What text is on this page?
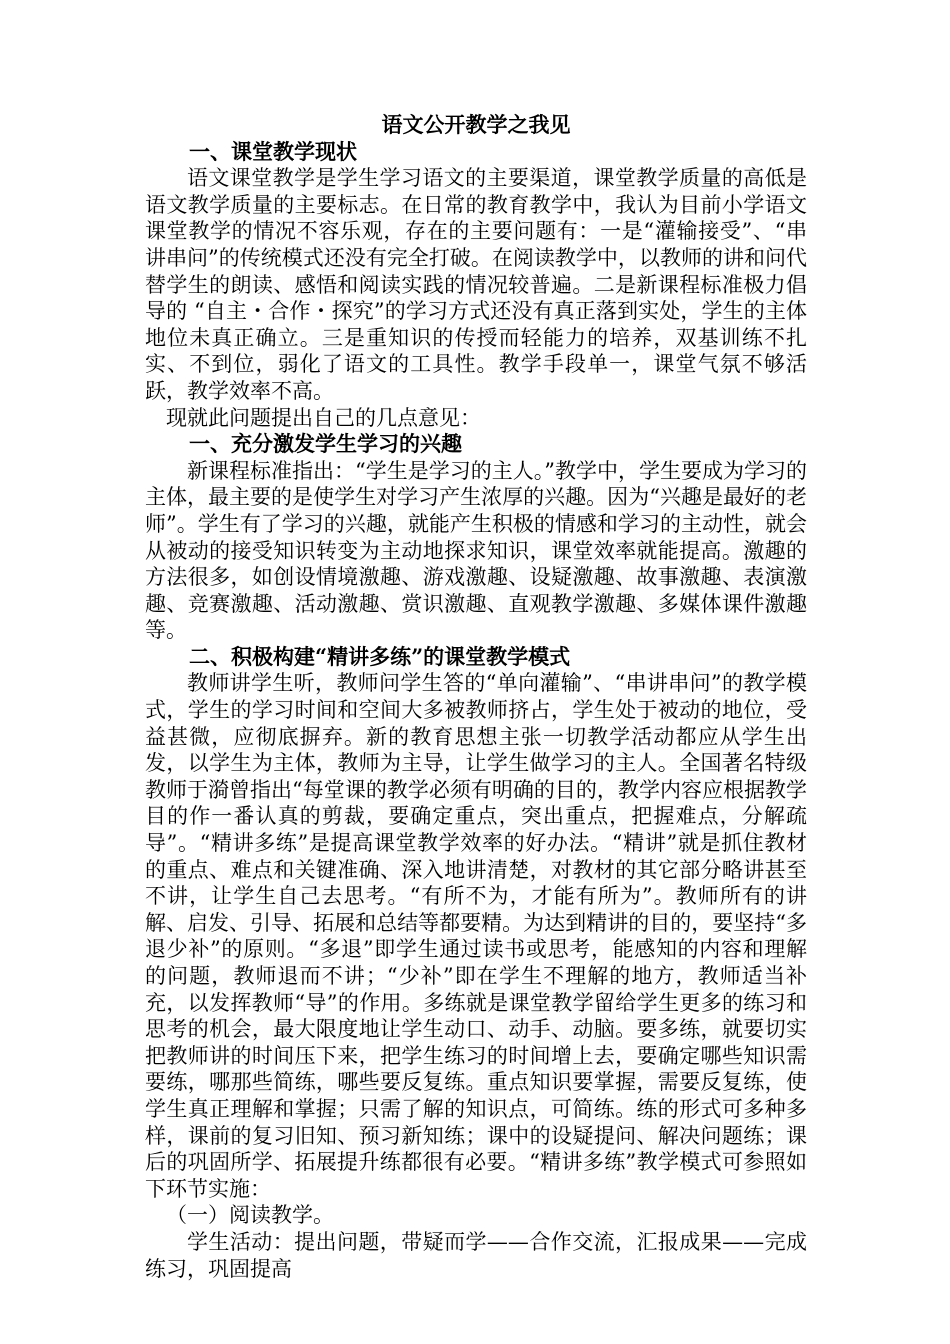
语文公开教学之我见

一、课堂教学现状

语文课堂教学是学生学习语文的主要渠道，课堂教学质量的高低是语文教学质量的主要标志。在日常的教育教学中，我认为目前小学语文课堂教学的情况不容乐观，存在的主要问题有：一是“灌输接受”、“串讲串问”的传统模式还没有完全打破。在阅读教学中，以教师的讲和问代替学生的朗读、感悟和阅读实践的情况较普遍。二是新课程标准极力倡导的 “自主・合作・探究”的学习方式还没有真正落到实处，学生的主体地位未真正确立。三是重知识的传授而轻能力的培养，双基训练不扎实、不到位，弱化了语文的工具性。教学手段单一，课堂气氛不够活跃，教学效率不高。

现就此问题提出自己的几点意见：

一、充分激发学生学习的兴趣

新课程标准指出：“学生是学习的主人。”教学中，学生要成为学习的主体，最主要的是使学生对学习产生浓厚的兴趣。因为“兴趣是最好的老师”。学生有了学习的兴趣，就能产生积极的情感和学习的主动性，就会从被动的接受知识转变为主动地探求知识，课堂效率就能提高。激趣的方法很多，如创设情境激趣、游戏激趣、设疑激趣、故事激趣、表演激趣、竞赛激趣、活动激趣、赏识激趣、直观教学激趣、多媒体课件激趣等。

二、积极构建“精讲多练”的课堂教学模式

教师讲学生听，教师问学生答的“单向灌输”、“串讲串问”的教学模式，学生的学习时间和空间大多被教师挤占，学生处于被动的地位，受益甚微，应彻底摒弃。新的教育思想主张一切教学活动都应从学生出发，以学生为主体，教师为主导，让学生做学习的主人。全国著名特级教师于漪曾指出“每堂课的教学必须有明确的目的，教学内容应根据教学目的作一番认真的剪裁，要确定重点，突出重点，把握难点，分解疏导”。“精讲多练”是提高课堂教学效率的好办法。“精讲”就是抓住教材的重点、难点和关键准确、深入地讲清楚，对教材的其它部分略讲甚至不讲，让学生自己去思考。“有所不为，才能有所为”。教师所有的讲解、启发、引导、拓展和总结等都要精。为达到精讲的目的，要坚持“多退少补”的原则。“多退”即学生通过读书或思考，能感知的内容和理解的问题，教师退而不讲；“少补”即在学生不理解的地方，教师适当补充，以发挥教师“导”的作用。多练就是课堂教学留给学生更多的练习和思考的机会，最大限度地让学生动口、动手、动脑。要多练，就要切实把教师讲的时间压下来，把学生练习的时间增上去，要确定哪些知识需要练，哪那些简练，哪些要反复练。重点知识要掌握，需要反复练，使学生真正理解和掌握；只需了解的知识点，可简练。练的形式可多种多样，课前的复习旧知、预习新知练；课中的设疑提问、解决问题练；课后的巩固所学、拓展提升练都很有必要。“精讲多练”教学模式可参照如下环节实施：

（一）阅读教学。

学生活动：提出问题，带疑而学——合作交流，汇报成果——完成练习，巩固提高
